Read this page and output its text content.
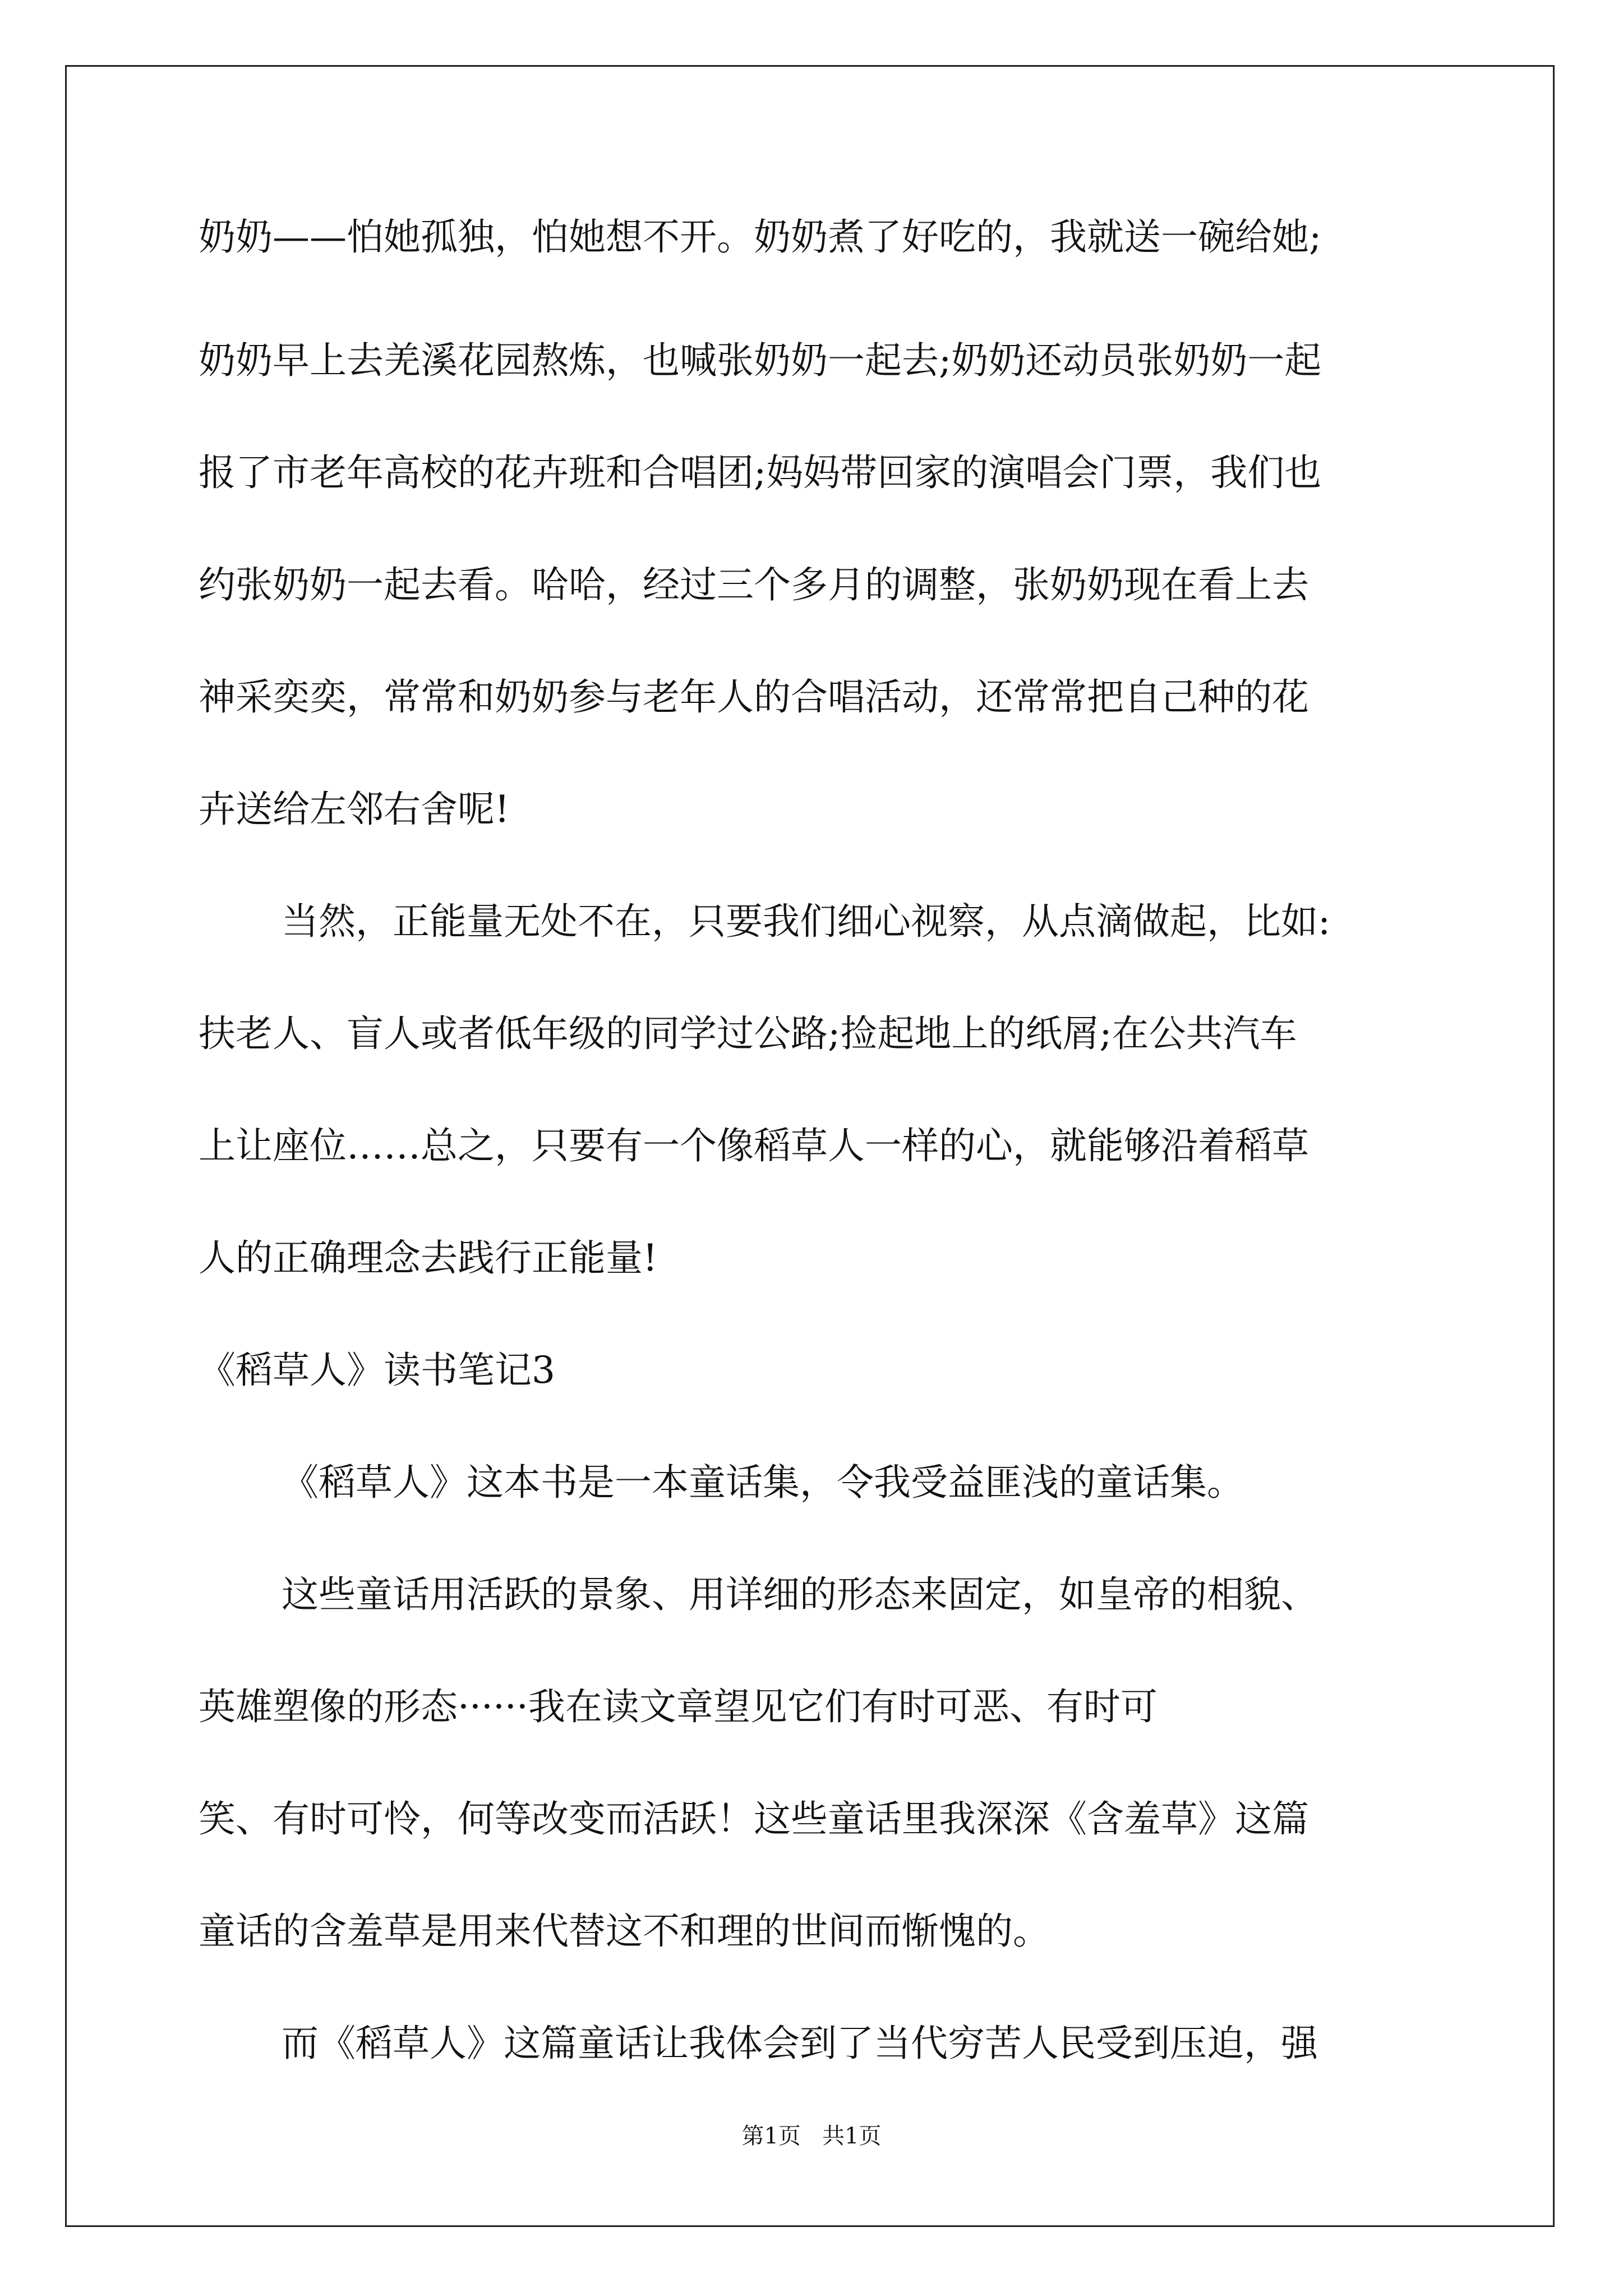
奶奶——怕她孤独，怕她想不开。奶奶煮了好吃的，我就送一碗给她;
奶奶早上去羌溪花园熬炼，也喊张奶奶一起去;奶奶还动员张奶奶一起
报了市老年高校的花卉班和合唱团;妈妈带回家的演唱会门票，我们也
约张奶奶一起去看。哈哈，经过三个多月的调整，张奶奶现在看上去
神采奕奕，常常和奶奶参与老年人的合唱活动，还常常把自己种的花
卉送给左邻右舍呢!
当然，正能量无处不在，只要我们细心视察，从点滴做起，比如:
扶老人、盲人或者低年级的同学过公路;捡起地上的纸屑;在公共汽车
上让座位……总之，只要有一个像稻草人一样的心，就能够沿着稻草
人的正确理念去践行正能量!
《稻草人》读书笔记3
《稻草人》这本书是一本童话集，令我受益匪浅的童话集。
这些童话用活跃的景象、用详细的形态来固定，如皇帝的相貌、
英雄塑像的形态······我在读文章望见它们有时可恶、有时可
笑、有时可怜，何等改变而活跃！这些童话里我深深《含羞草》这篇
童话的含羞草是用来代替这不和理的世间而惭愧的。
而《稻草人》这篇童话让我体会到了当代穷苦人民受到压迫，强
第1页   共1页
